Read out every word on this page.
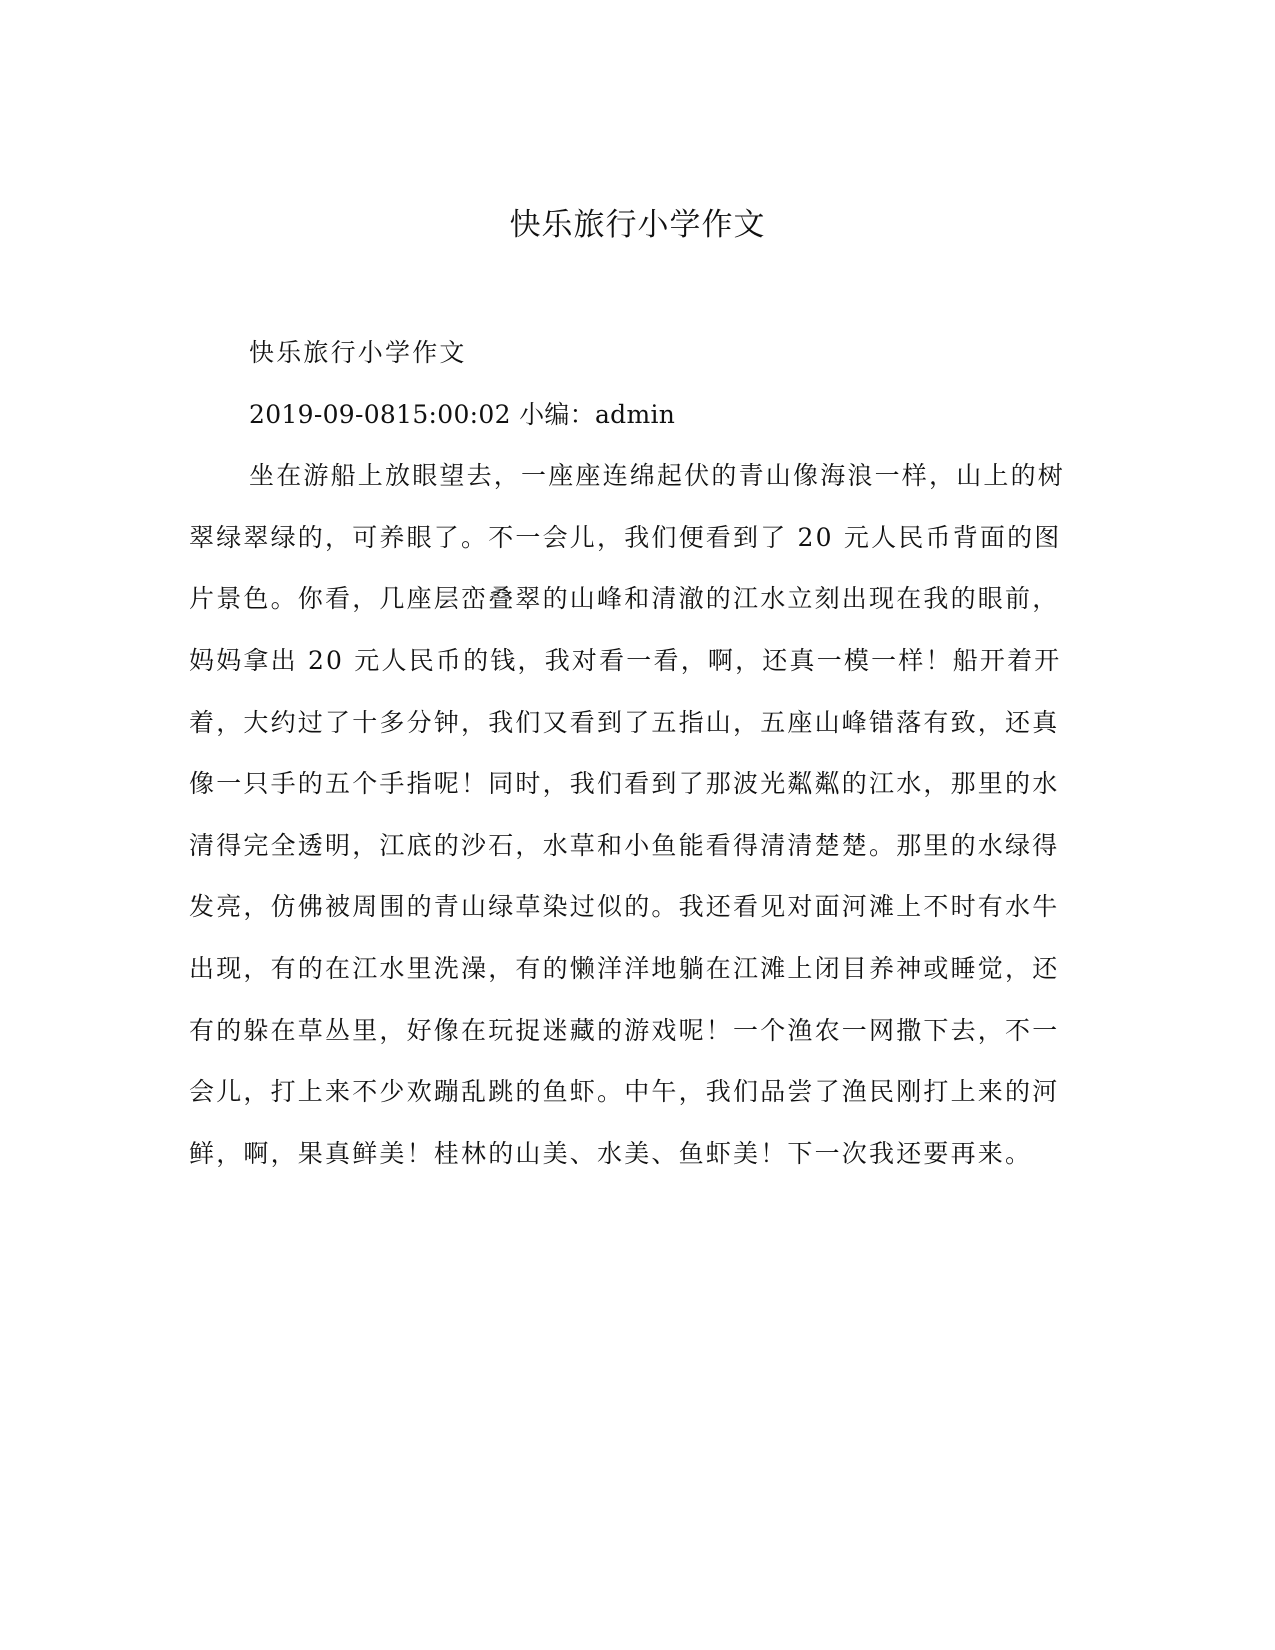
快乐旅行小学作文

快乐旅行小学作文

2019-09-0815:00:02 小编：admin

坐在游船上放眼望去，一座座连绵起伏的青山像海浪一样，山上的树翠绿翠绿的，可养眼了。不一会儿，我们便看到了 20 元人民币背面的图片景色。你看，几座层峦叠翠的山峰和清澈的江水立刻出现在我的眼前，妈妈拿出 20 元人民币的钱，我对看一看，啊，还真一模一样！船开着开着，大约过了十多分钟，我们又看到了五指山，五座山峰错落有致，还真像一只手的五个手指呢！同时，我们看到了那波光粼粼的江水，那里的水清得完全透明，江底的沙石，水草和小鱼能看得清清楚楚。那里的水绿得发亮，仿佛被周围的青山绿草染过似的。我还看见对面河滩上不时有水牛出现，有的在江水里洗澡，有的懒洋洋地躺在江滩上闭目养神或睡觉，还有的躲在草丛里，好像在玩捉迷藏的游戏呢！一个渔农一网撒下去，不一会儿，打上来不少欢蹦乱跳的鱼虾。中午，我们品尝了渔民刚打上来的河鲜，啊，果真鲜美！桂林的山美、水美、鱼虾美！下一次我还要再来。
